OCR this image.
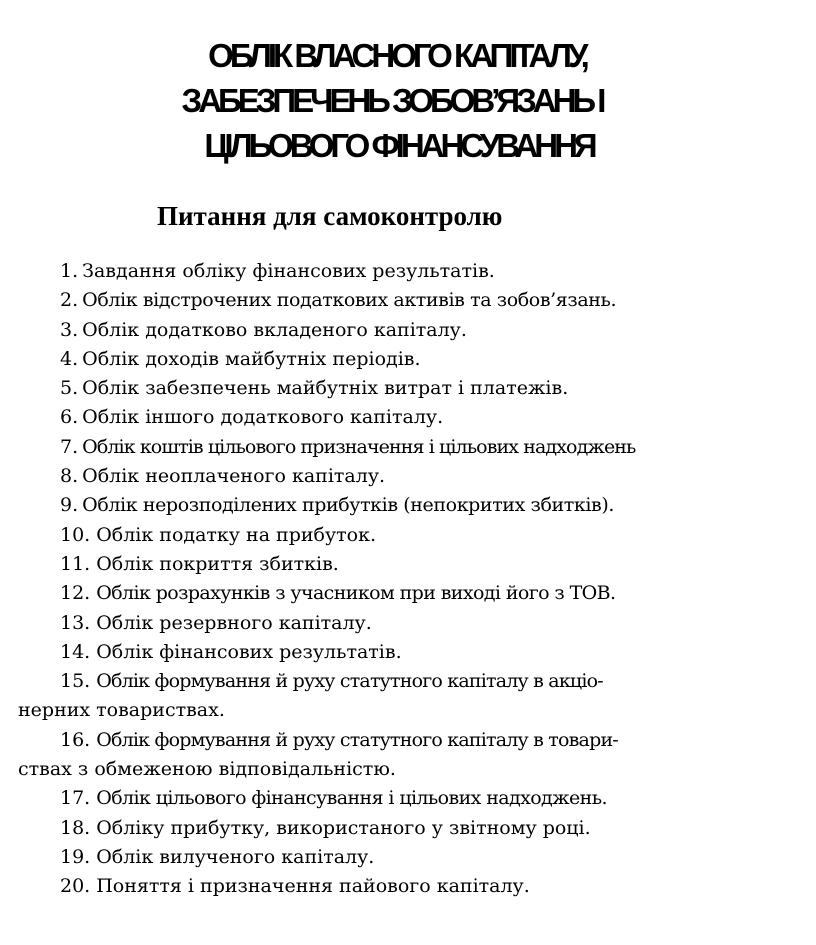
ОБЛІК ВЛАСНОГО КАПІТАЛУ,
ЗАБЕЗПЕЧЕНЬ ЗОБОВ’ЯЗАНЬ І
ЦІЛЬОВОГО ФІНАНСУВАННЯ
Питання для самоконтролю
1. Завдання обліку фінансових результатів.
2. Облік відстрочених податкових активів та зобов’язань.
3. Облік додатково вкладеного капіталу.
4. Облік доходів майбутніх періодів.
5. Облік забезпечень майбутніх витрат і платежів.
6. Облік іншого додаткового капіталу.
7. Облік коштів цільового призначення і цільових надходжень
8. Облік неоплаченого капіталу.
9. Облік нерозподілених прибутків (непокритих збитків).
10. Облік податку на прибуток.
11. Облік покриття збитків.
12. Облік розрахунків з учасником при виході його з ТОВ.
13. Облік резервного капіталу.
14. Облік фінансових результатів.
15. Облік формування й руху статутного капіталу в акціо-
нерних товариствах.
16. Облік формування й руху статутного капіталу в товари-
ствах з обмеженою відповідальністю.
17. Облік цільового фінансування і цільових надходжень.
18. Обліку прибутку, використаного у звітному році.
19. Облік вилученого капіталу.
20. Поняття і призначення пайового капіталу.
